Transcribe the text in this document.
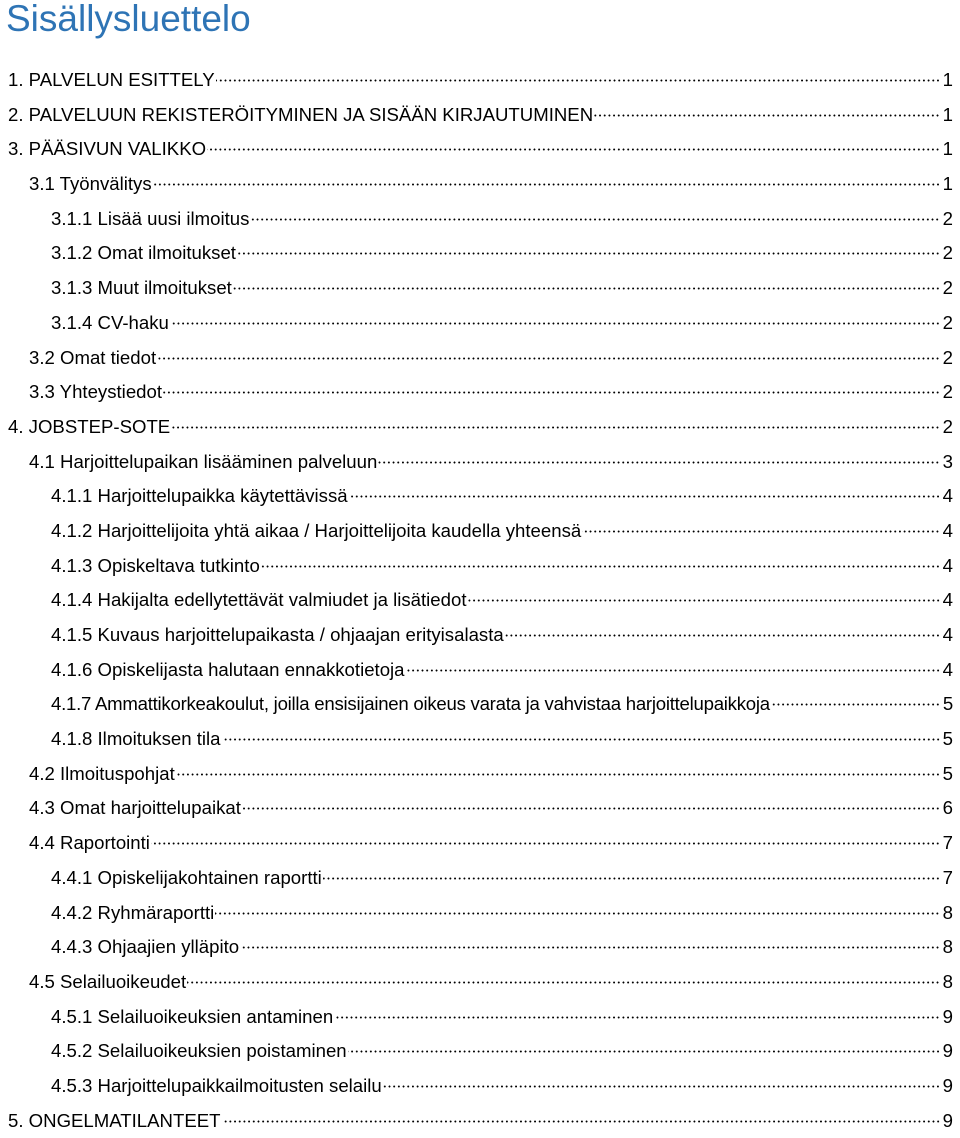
Sisällysluettelo
1. PALVELUN ESITTELY	1
2. PALVELUUN REKISTERÖITYMINEN JA SISÄÄN KIRJAUTUMINEN	1
3. PÄÄSIVUN VALIKKO	1
3.1 Työnvälitys	1
3.1.1 Lisää uusi ilmoitus	2
3.1.2 Omat ilmoitukset	2
3.1.3 Muut ilmoitukset	2
3.1.4 CV-haku	2
3.2 Omat tiedot	2
3.3 Yhteystiedot	2
4. JOBSTEP-SOTE	2
4.1 Harjoittelupaikan lisääminen palveluun	3
4.1.1 Harjoittelupaikka käytettävissä	4
4.1.2 Harjoittelijoita yhtä aikaa / Harjoittelijoita kaudella yhteensä	4
4.1.3 Opiskeltava tutkinto	4
4.1.4 Hakijalta edellytettävät valmiudet ja lisätiedot	4
4.1.5 Kuvaus harjoittelupaikasta / ohjaajan erityisalasta	4
4.1.6 Opiskelijasta halutaan ennakkotietoja	4
4.1.7 Ammattikorkeakoulut, joilla ensisijainen oikeus varata ja vahvistaa harjoittelupaikkoja	5
4.1.8 Ilmoituksen tila	5
4.2 Ilmoituspohjat	5
4.3 Omat harjoittelupaikat	6
4.4 Raportointi	7
4.4.1 Opiskelijakohtainen raportti	7
4.4.2 Ryhmäraportti	8
4.4.3 Ohjaajien ylläpito	8
4.5 Selailuoikeudet	8
4.5.1 Selailuoikeuksien antaminen	9
4.5.2 Selailuoikeuksien poistaminen	9
4.5.3 Harjoittelupaikkailmoitusten selailu	9
5. ONGELMATILANTEET	9
